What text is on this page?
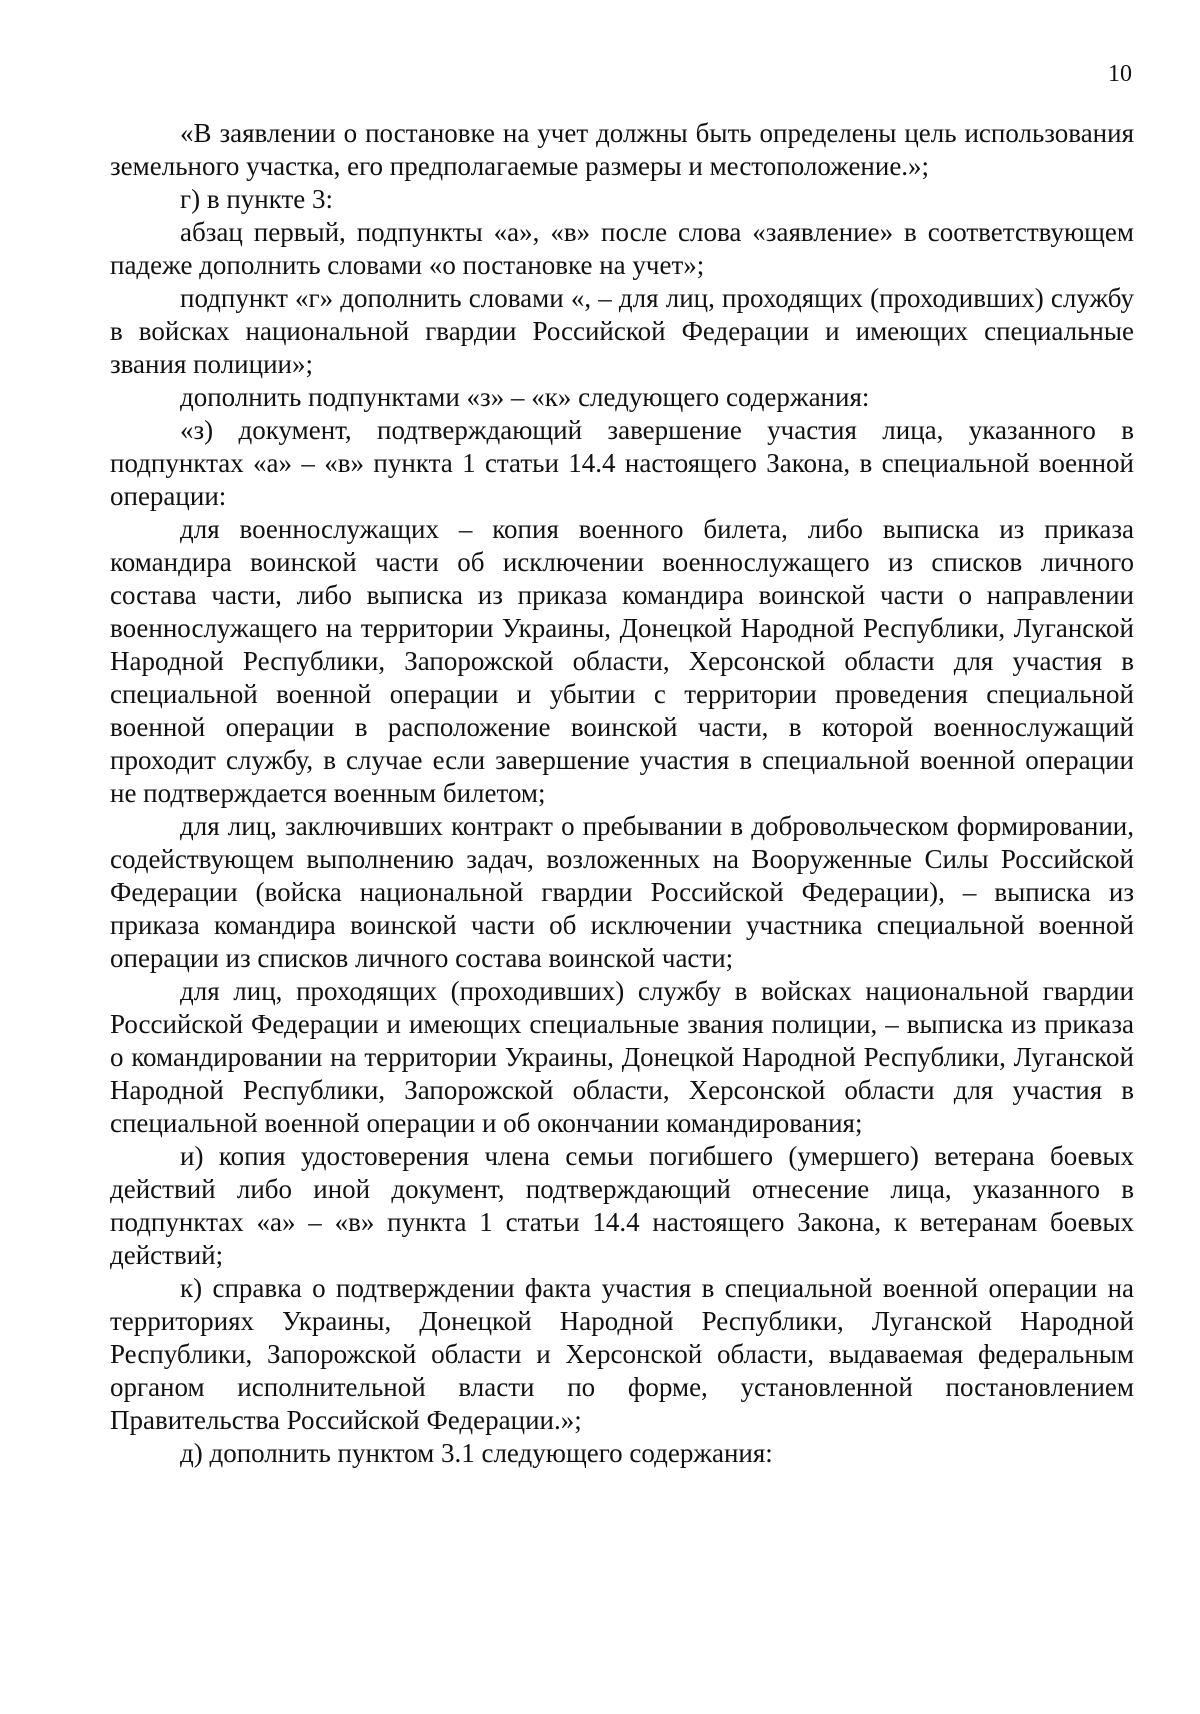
10

«В заявлении о постановке на учет должны быть определены цель использования земельного участка, его предполагаемые размеры и местоположение.»;

г) в пункте 3:

абзац первый, подпункты «а», «в» после слова «заявление» в соответствующем падеже дополнить словами «о постановке на учет»;

подпункт «г» дополнить словами «, – для лиц, проходящих (проходивших) службу в войсках национальной гвардии Российской Федерации и имеющих специальные звания полиции»;

дополнить подпунктами «з» – «к» следующего содержания:

«з) документ, подтверждающий завершение участия лица, указанного в подпунктах «а» – «в» пункта 1 статьи 14.4 настоящего Закона, в специальной военной операции:

для военнослужащих – копия военного билета, либо выписка из приказа командира воинской части об исключении военнослужащего из списков личного состава части, либо выписка из приказа командира воинской части о направлении военнослужащего на территории Украины, Донецкой Народной Республики, Луганской Народной Республики, Запорожской области, Херсонской области для участия в специальной военной операции и убытии с территории проведения специальной военной операции в расположение воинской части, в которой военнослужащий проходит службу, в случае если завершение участия в специальной военной операции не подтверждается военным билетом;

для лиц, заключивших контракт о пребывании в добровольческом формировании, содействующем выполнению задач, возложенных на Вооруженные Силы Российской Федерации (войска национальной гвардии Российской Федерации), – выписка из приказа командира воинской части об исключении участника специальной военной операции из списков личного состава воинской части;

для лиц, проходящих (проходивших) службу в войсках национальной гвардии Российской Федерации и имеющих специальные звания полиции, – выписка из приказа о командировании на территории Украины, Донецкой Народной Республики, Луганской Народной Республики, Запорожской области, Херсонской области для участия в специальной военной операции и об окончании командирования;

и) копия удостоверения члена семьи погибшего (умершего) ветерана боевых действий либо иной документ, подтверждающий отнесение лица, указанного в подпунктах «а» – «в» пункта 1 статьи 14.4 настоящего Закона, к ветеранам боевых действий;

к) справка о подтверждении факта участия в специальной военной операции на территориях Украины, Донецкой Народной Республики, Луганской Народной Республики, Запорожской области и Херсонской области, выдаваемая федеральным органом исполнительной власти по форме, установленной постановлением Правительства Российской Федерации.»;

д) дополнить пунктом 3.1 следующего содержания:
